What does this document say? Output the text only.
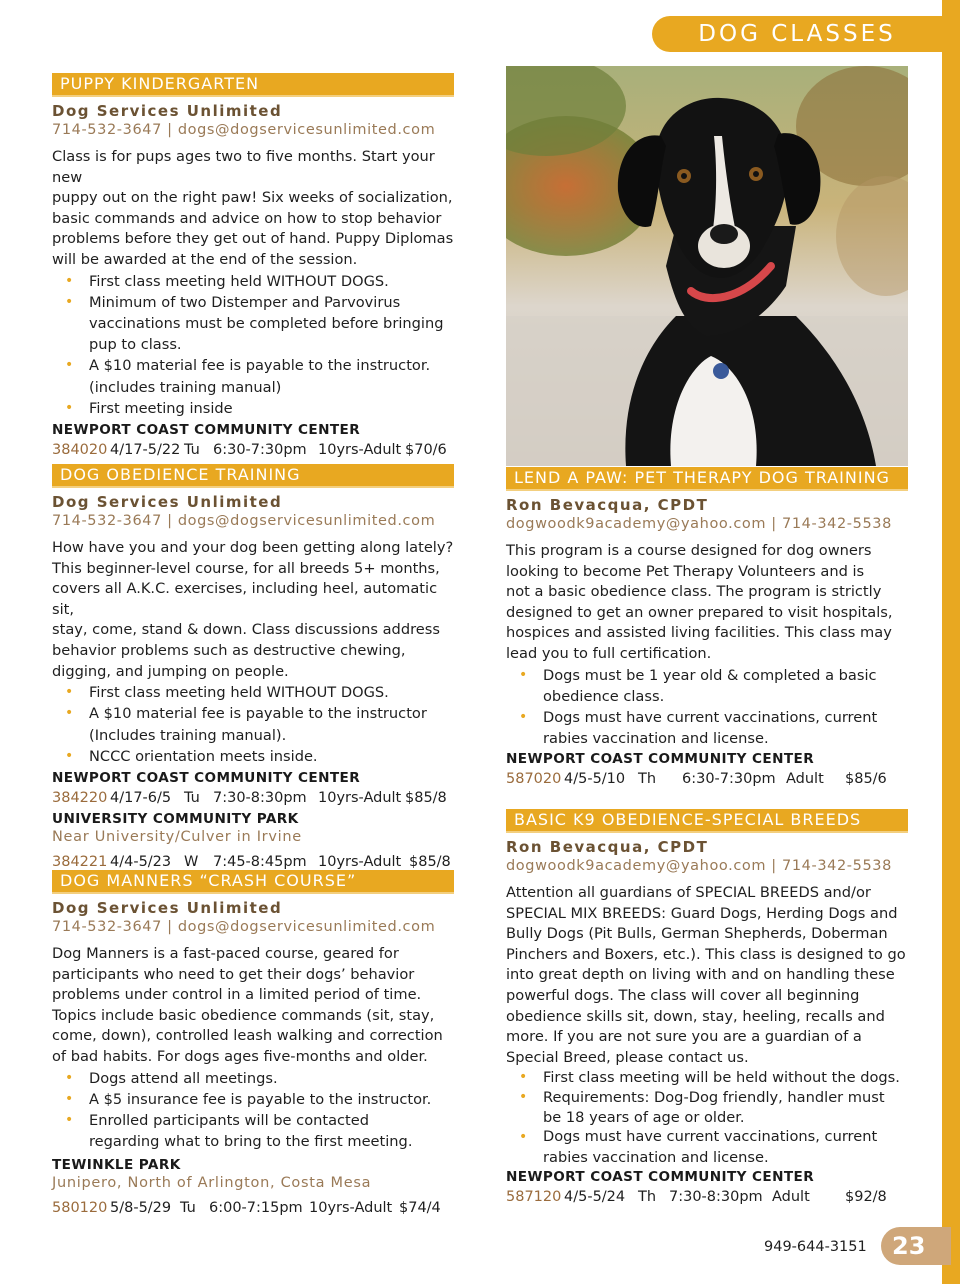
DOG CLASSES
PUPPY KINDERGARTEN
Dog Services Unlimited
714-532-3647 | dogs@dogservicesunlimited.com
Class is for pups ages two to five months. Start your new
puppy out on the right paw! Six weeks of socialization,
basic commands and advice on how to stop behavior
problems before they get out of hand. Puppy Diplomas
will be awarded at the end of the session.
• First class meeting held WITHOUT DOGS.
• Minimum of two Distemper and Parvovirus
vaccinations must be completed before bringing
pup to class.
• A $10 material fee is payable to the instructor.
(includes training manual)
• First meeting inside
NEWPORT COAST COMMUNITY CENTER
384020 4/17-5/22 Tu 6:30-7:30pm 10yrs-Adult $70/6
DOG OBEDIENCE TRAINING
Dog Services Unlimited
714-532-3647 | dogs@dogservicesunlimited.com
How have you and your dog been getting along lately?
This beginner-level course, for all breeds 5+ months,
covers all A.K.C. exercises, including heel, automatic sit,
stay, come, stand & down. Class discussions address
behavior problems such as destructive chewing,
digging, and jumping on people.
• First class meeting held WITHOUT DOGS.
• A $10 material fee is payable to the instructor
(Includes training manual).
• NCCC orientation meets inside.
NEWPORT COAST COMMUNITY CENTER
384220 4/17-6/5 Tu 7:30-8:30pm 10yrs-Adult $85/8
UNIVERSITY COMMUNITY PARK
Near University/Culver in Irvine
384221 4/4-5/23 W 7:45-8:45pm 10yrs-Adult $85/8
DOG MANNERS “CRASH COURSE”
Dog Services Unlimited
714-532-3647 | dogs@dogservicesunlimited.com
Dog Manners is a fast-paced course, geared for
participants who need to get their dogs’ behavior
problems under control in a limited period of time.
Topics include basic obedience commands (sit, stay,
come, down), controlled leash walking and correction
of bad habits. For dogs ages five-months and older.
• Dogs attend all meetings.
• A $5 insurance fee is payable to the instructor.
• Enrolled participants will be contacted
regarding what to bring to the first meeting.
TEWINKLE PARK
Junipero, North of Arlington, Costa Mesa
580120 5/8-5/29 Tu 6:00-7:15pm 10yrs-Adult $74/4
LEND A PAW: PET THERAPY DOG TRAINING
Ron Bevacqua, CPDT
dogwoodk9academy@yahoo.com | 714-342-5538
This program is a course designed for dog owners
looking to become Pet Therapy Volunteers and is
not a basic obedience class. The program is strictly
designed to get an owner prepared to visit hospitals,
hospices and assisted living facilities. This class may
lead you to full certification.
• Dogs must be 1 year old & completed a basic
obedience class.
• Dogs must have current vaccinations, current
rabies vaccination and license.
NEWPORT COAST COMMUNITY CENTER
587020 4/5-5/10 Th 6:30-7:30pm Adult $85/6
BASIC K9 OBEDIENCE-SPECIAL BREEDS
Ron Bevacqua, CPDT
dogwoodk9academy@yahoo.com | 714-342-5538
Attention all guardians of SPECIAL BREEDS and/or
SPECIAL MIX BREEDS: Guard Dogs, Herding Dogs and
Bully Dogs (Pit Bulls, German Shepherds, Doberman
Pinchers and Boxers, etc.). This class is designed to go
into great depth on living with and on handling these
powerful dogs. The class will cover all beginning
obedience skills sit, down, stay, heeling, recalls and
more. If you are not sure you are a guardian of a
Special Breed, please contact us.
• First class meeting will be held without the dogs.
• Requirements: Dog-Dog friendly, handler must
be 18 years of age or older.
• Dogs must have current vaccinations, current
rabies vaccination and license.
NEWPORT COAST COMMUNITY CENTER
587120 4/5-5/24 Th 7:30-8:30pm Adult $92/8
949-644-3151 23
